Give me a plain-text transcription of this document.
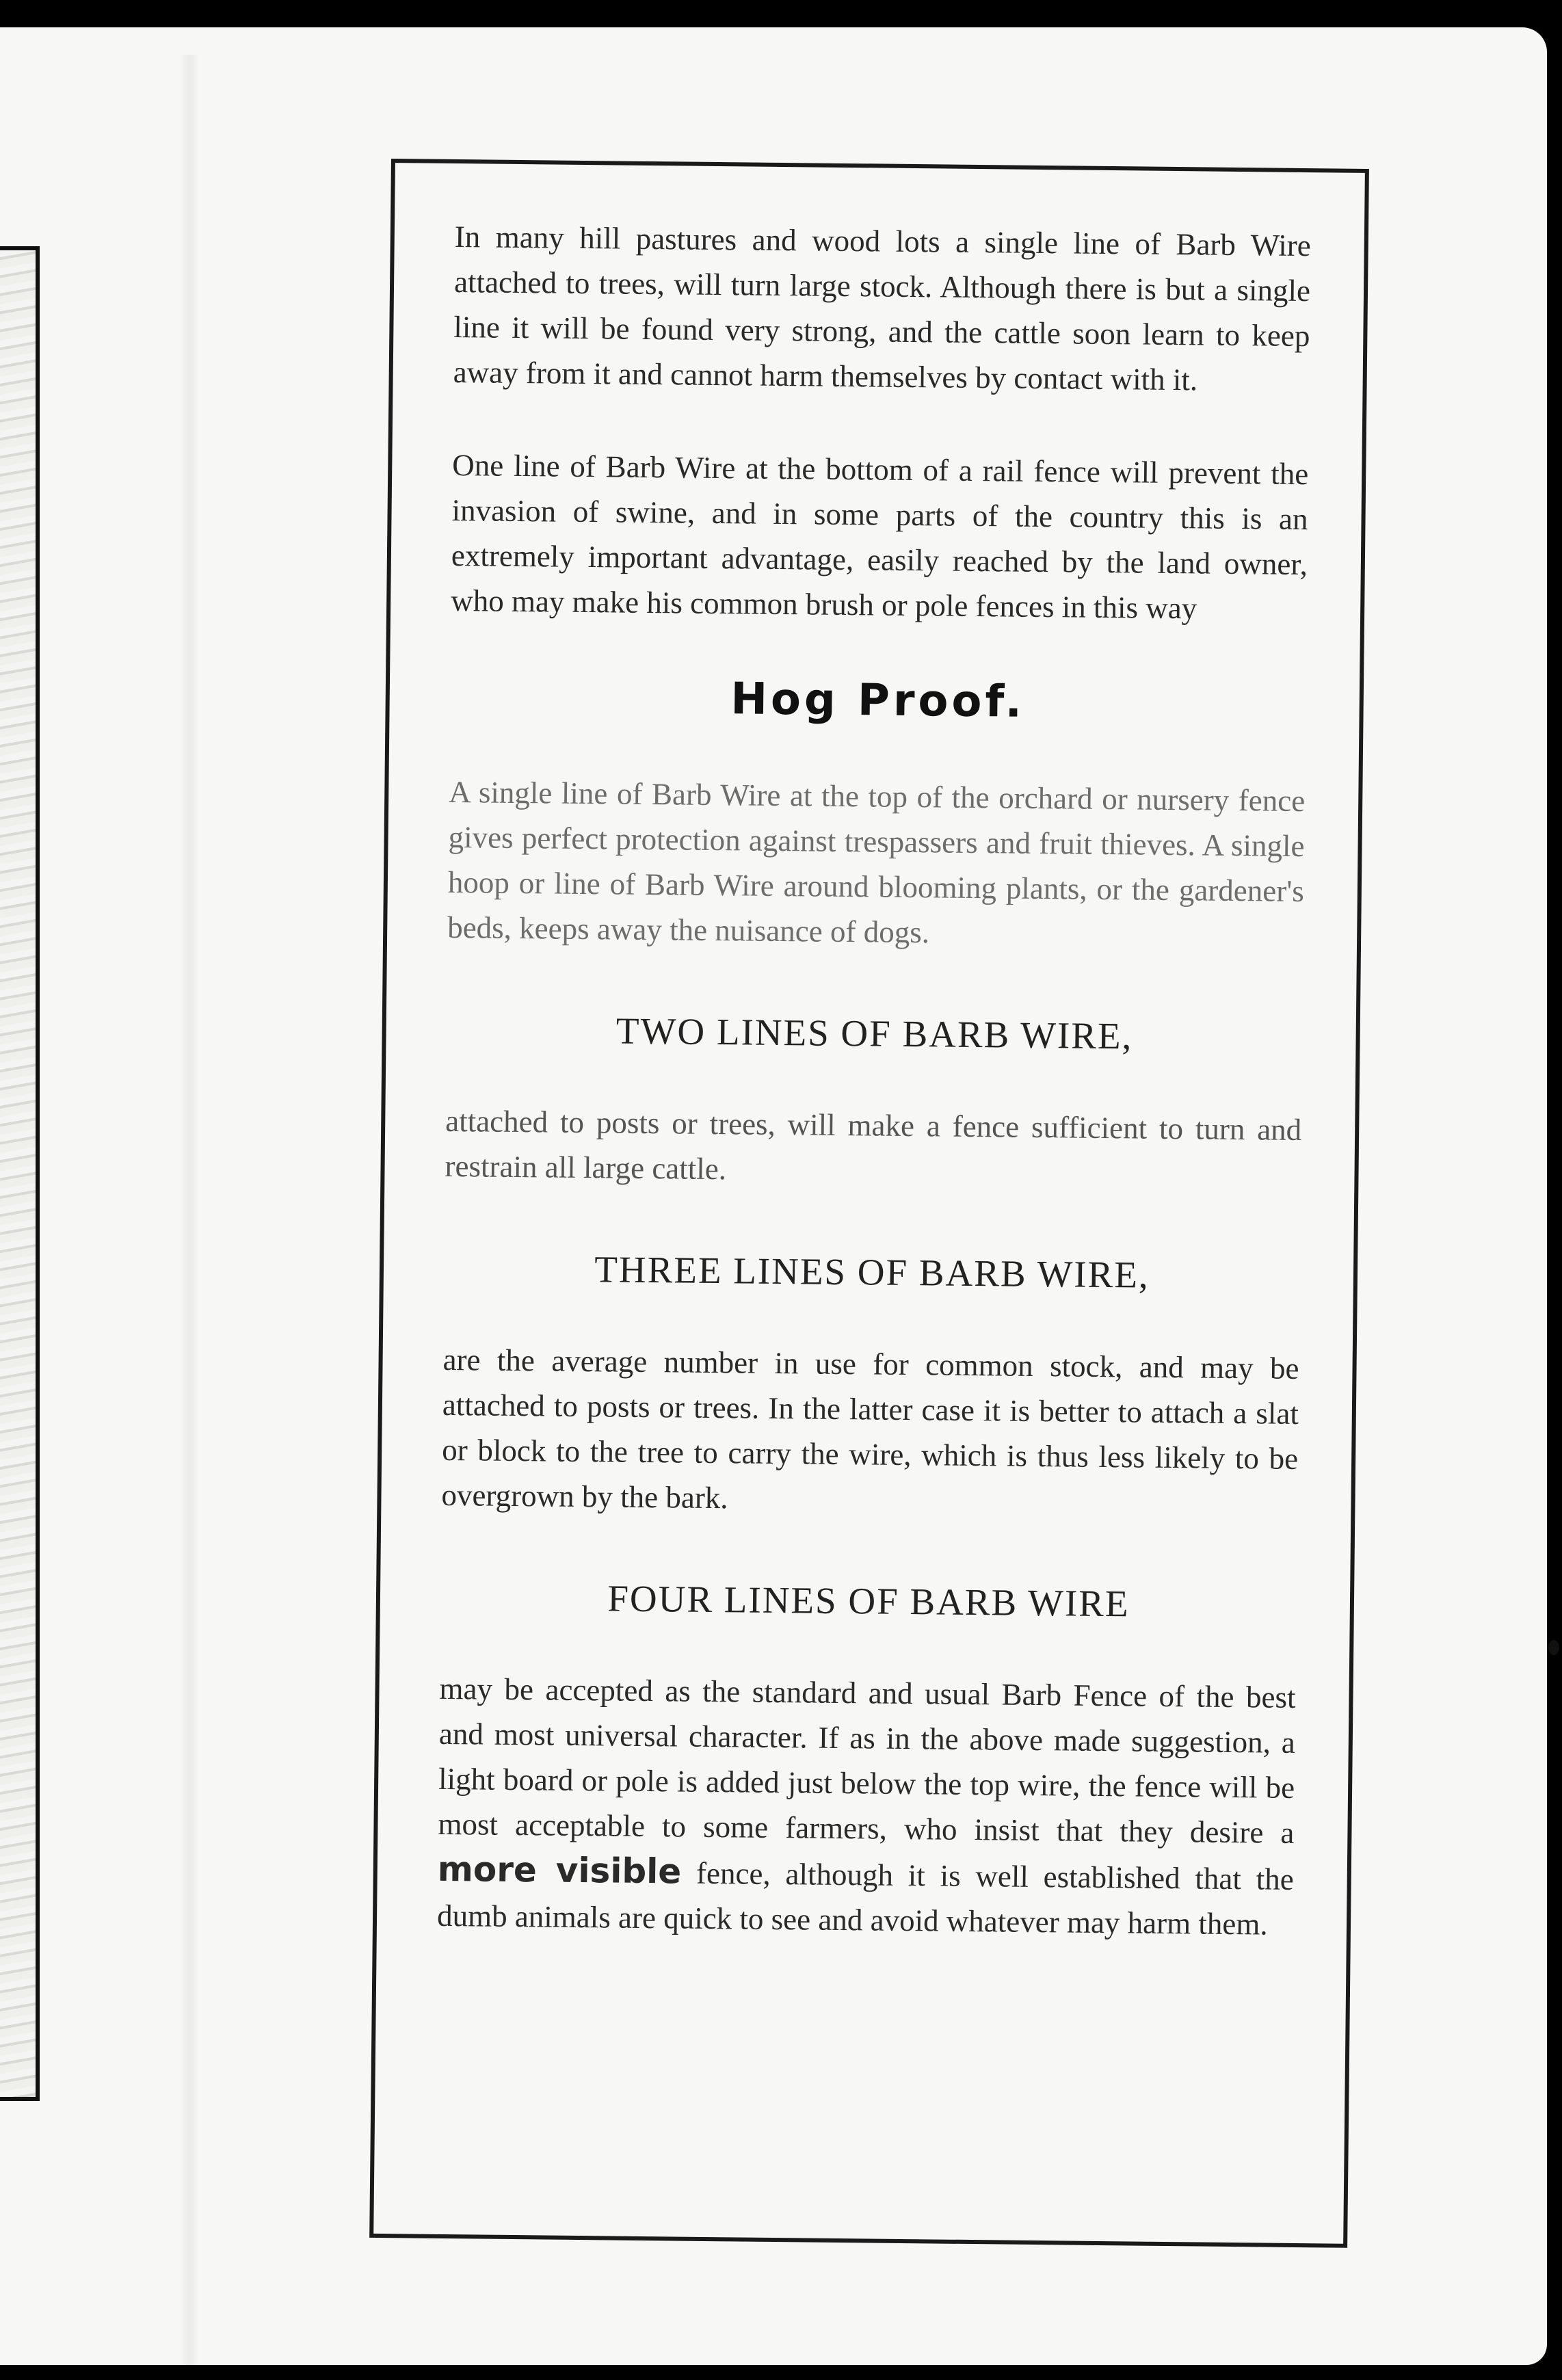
In many hill pastures and wood lots a single line of Barb Wire attached to trees, will turn large stock. Although there is but a single line it will be found very strong, and the cattle soon learn to keep away from it and cannot harm themselves by contact with it.

One line of Barb Wire at the bottom of a rail fence will prevent the invasion of swine, and in some parts of the country this is an extremely important advantage, easily reached by the land owner, who may make his common brush or pole fences in this way

Hog Proof.

A single line of Barb Wire at the top of the orchard or nursery fence gives perfect protection against trespassers and fruit thieves. A single hoop or line of Barb Wire around blooming plants, or the gardener's beds, keeps away the nuisance of dogs.

TWO LINES OF BARB WIRE,

attached to posts or trees, will make a fence sufficient to turn and restrain all large cattle.

THREE LINES OF BARB WIRE,

are the average number in use for common stock, and may be attached to posts or trees. In the latter case it is better to attach a slat or block to the tree to carry the wire, which is thus less likely to be overgrown by the bark.

FOUR LINES OF BARB WIRE

may be accepted as the standard and usual Barb Fence of the best and most universal character. If as in the above made suggestion, a light board or pole is added just below the top wire, the fence will be most acceptable to some farmers, who insist that they desire a more visible fence, although it is well established that the dumb animals are quick to see and avoid whatever may harm them.
